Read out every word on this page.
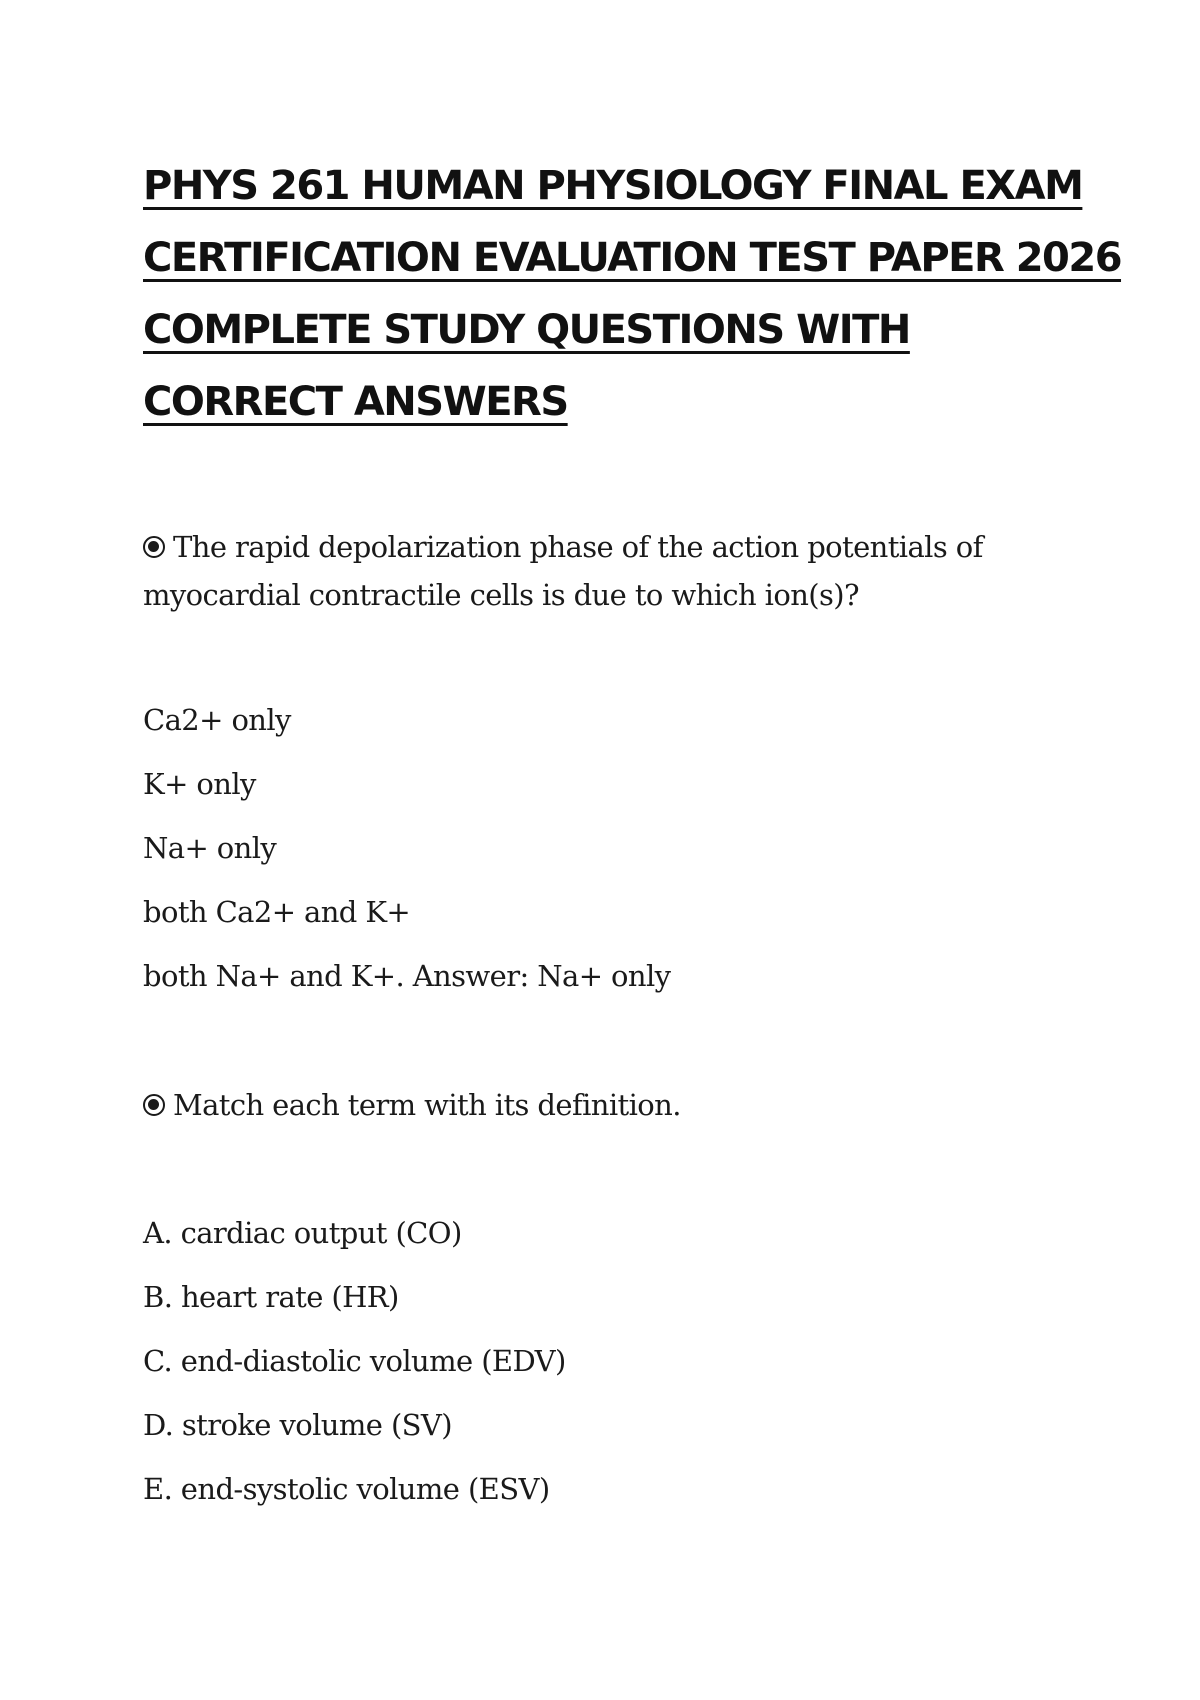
PHYS 261 HUMAN PHYSIOLOGY FINAL EXAM
CERTIFICATION EVALUATION TEST PAPER 2026
COMPLETE STUDY QUESTIONS WITH
CORRECT ANSWERS
The rapid depolarization phase of the action potentials of
myocardial contractile cells is due to which ion(s)?
Ca2+ only
K+ only
Na+ only
both Ca2+ and K+
both Na+ and K+. Answer: Na+ only
Match each term with its definition.
A. cardiac output (CO)
B. heart rate (HR)
C. end-diastolic volume (EDV)
D. stroke volume (SV)
E. end-systolic volume (ESV)
